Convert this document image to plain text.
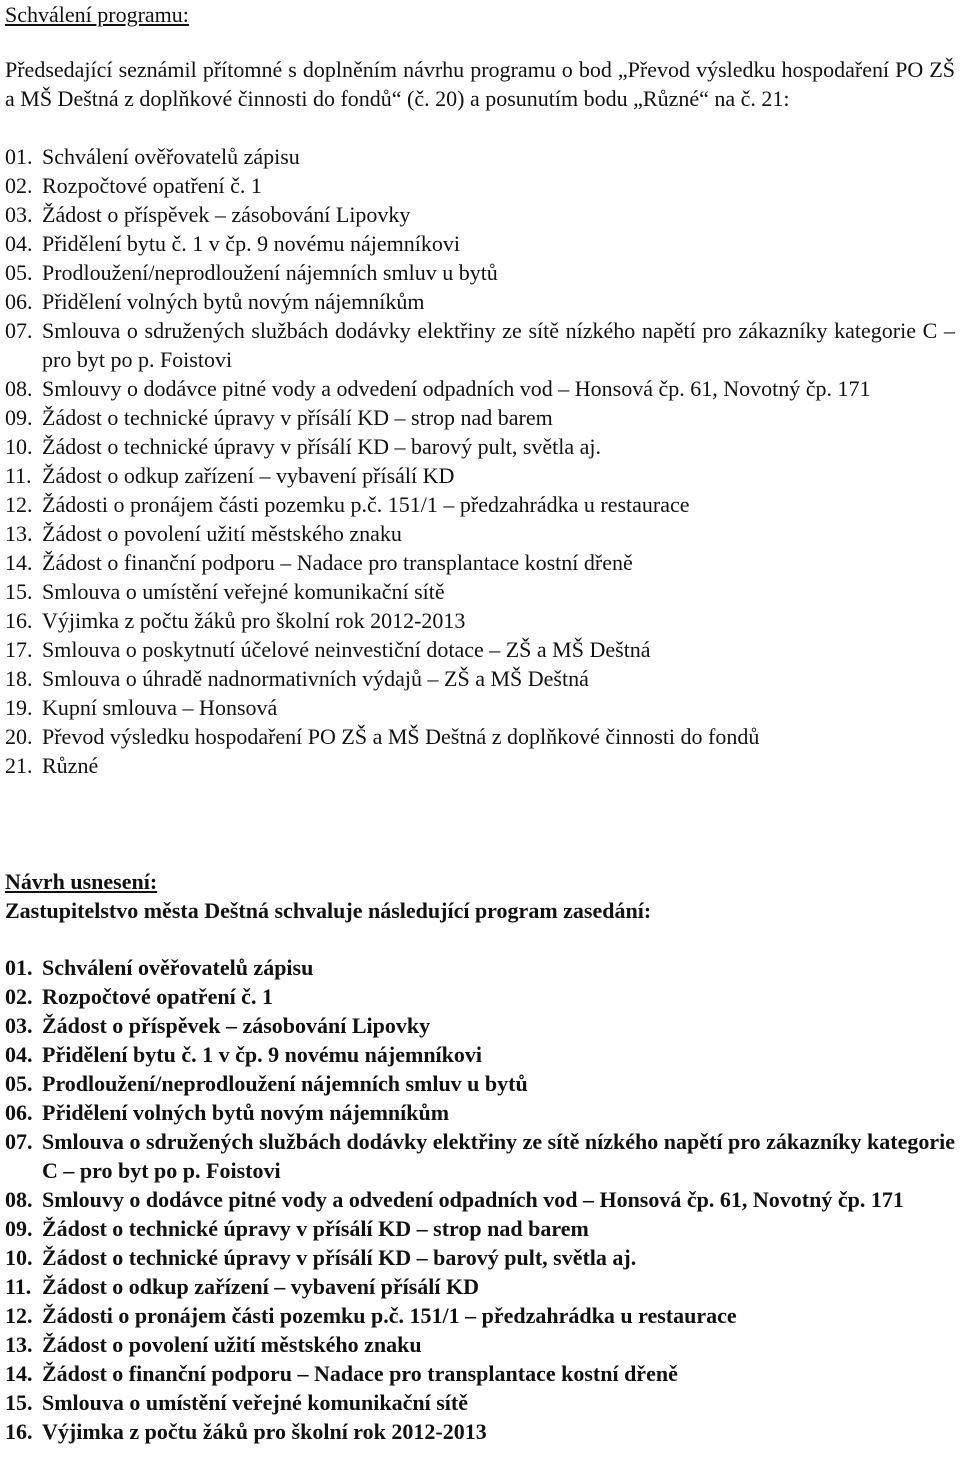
Schválení programu:

Předsedající seznámil přítomné s doplněním návrhu programu o bod „Převod výsledku hospodaření PO ZŠ a MŠ Deštná z doplňkové činnosti do fondů“ (č. 20) a posunutím bodu „Různé“ na č. 21:

01. Schválení ověřovatelů zápisu
02. Rozpočtové opatření č. 1
03. Žádost o příspěvek – zásobování Lipovky
04. Přidělení bytu č. 1 v čp. 9 novému nájemníkovi
05. Prodloužení/neprodloužení nájemních smluv u bytů
06. Přidělení volných bytů novým nájemníkům
07. Smlouva o sdružených službách dodávky elektřiny ze sítě nízkého napětí pro zákazníky kategorie C – pro byt po p. Foistovi
08. Smlouvy o dodávce pitné vody a odvedení odpadních vod – Honsová čp. 61, Novotný čp. 171
09. Žádost o technické úpravy v přísálí KD – strop nad barem
10. Žádost o technické úpravy v přísálí KD – barový pult, světla aj.
11. Žádost o odkup zařízení – vybavení přísálí KD
12. Žádosti o pronájem části pozemku p.č. 151/1 – předzahrádka u restaurace
13. Žádost o povolení užití městského znaku
14. Žádost o finanční podporu – Nadace pro transplantace kostní dřeně
15. Smlouva o umístění veřejné komunikační sítě
16. Výjimka z počtu žáků pro školní rok 2012-2013
17. Smlouva o poskytnutí účelové neinvestiční dotace – ZŠ a MŠ Deštná
18. Smlouva o úhradě nadnormativních výdajů – ZŠ a MŠ Deštná
19. Kupní smlouva – Honsová
20. Převod výsledku hospodaření PO ZŠ a MŠ Deštná z doplňkové činnosti do fondů
21. Různé

Návrh usnesení:

Zastupitelstvo města Deštná schvaluje následující program zasedání:

01. Schválení ověřovatelů zápisu
02. Rozpočtové opatření č. 1
03. Žádost o příspěvek – zásobování Lipovky
04. Přidělení bytu č. 1 v čp. 9 novému nájemníkovi
05. Prodloužení/neprodloužení nájemních smluv u bytů
06. Přidělení volných bytů novým nájemníkům
07. Smlouva o sdružených službách dodávky elektřiny ze sítě nízkého napětí pro zákazníky kategorie C – pro byt po p. Foistovi
08. Smlouvy o dodávce pitné vody a odvedení odpadních vod – Honsová čp. 61, Novotný čp. 171
09. Žádost o technické úpravy v přísálí KD – strop nad barem
10. Žádost o technické úpravy v přísálí KD – barový pult, světla aj.
11. Žádost o odkup zařízení – vybavení přísálí KD
12. Žádosti o pronájem části pozemku p.č. 151/1 – předzahrádka u restaurace
13. Žádost o povolení užití městského znaku
14. Žádost o finanční podporu – Nadace pro transplantace kostní dřeně
15. Smlouva o umístění veřejné komunikační sítě
16. Výjimka z počtu žáků pro školní rok 2012-2013
